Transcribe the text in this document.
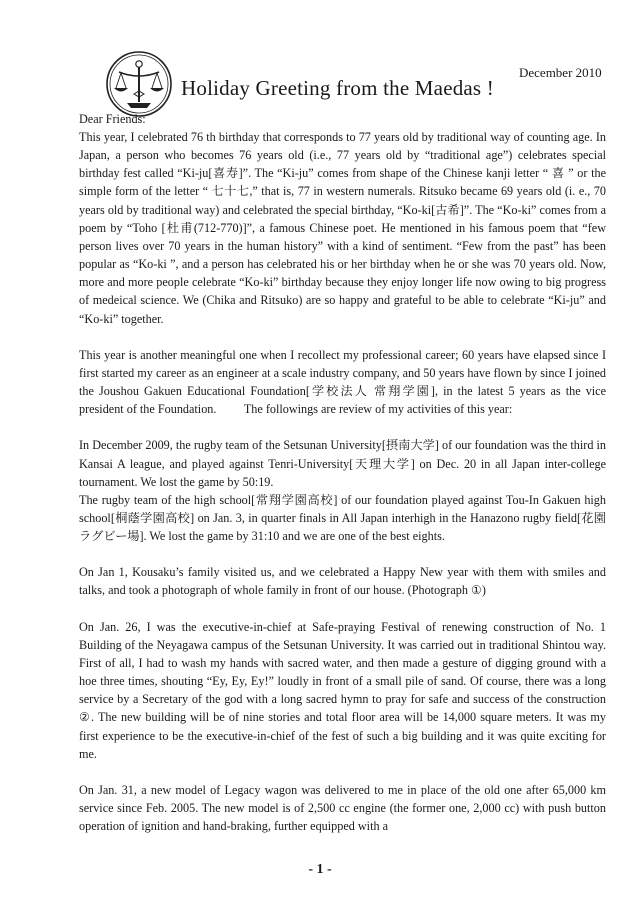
December 2010
Holiday Greeting from the Maedas !
Dear Friends:

This year, I celebrated 76 th birthday that corresponds to 77 years old by traditional way of counting age. In Japan, a person who becomes 76 years old (i.e., 77 years old by “traditional age”) celebrates special birthday fest called “Ki-ju[喜寿]”. The “Ki-ju” comes from shape of the Chinese kanji letter “ 喜 ” or the simple form of the letter “ 七十七,” that is, 77 in western numerals. Ritsuko became 69 years old (i. e., 70 years old by traditional way) and celebrated the special birthday, “Ko-ki[古希]”. The “Ko-ki” comes from a poem by “Toho [杜甫(712-770)]”, a famous Chinese poet. He mentioned in his famous poem that “few person lives over 70 years in the human history” with a kind of sentiment. “Few from the past” has been popular as “Ko-ki ”, and a person has celebrated his or her birthday when he or she was 70 years old. Now, more and more people celebrate “Ko-ki” birthday because they enjoy longer life now owing to big progress of medeical science. We (Chika and Ritsuko) are so happy and grateful to be able to celebrate “Ki-ju” and “Ko-ki” together.

This year is another meaningful one when I recollect my professional career; 60 years have elapsed since I first started my career as an engineer at a scale industry company, and 50 years have flown by since I joined the Joushou Gakuen Educational Foundation[学校法人 常翔学園], in the latest 5 years as the vice president of the Foundation.         The followings are review of my activities of this year:

In December 2009, the rugby team of the Setsunan University[摂南大学] of our foundation was the third in Kansai A league, and played against Tenri-University[天理大学] on Dec. 20 in all Japan inter-college tournament. We lost the game by 50:19.

The rugby team of the high school[常翔学園高校] of our foundation played against Tou-In Gakuen high school[桐蔭学園高校] on Jan. 3, in quarter finals in All Japan interhigh in the Hanazono rugby field[花園ラグビー場]. We lost the game by 31:10 and we are one of the best eights.

On Jan 1, Kousaku’s family visited us, and we celebrated a Happy New year with them with smiles and talks, and took a photograph of whole family in front of our house. (Photograph ①)

On Jan. 26, I was the executive-in-chief at Safe-praying Festival of renewing construction of No. 1 Building of the Neyagawa campus of the Setsunan University. It was carried out in traditional Shintou way. First of all, I had to wash my hands with sacred water, and then made a gesture of digging ground with a hoe three times, shouting “Ey, Ey, Ey!” loudly in front of a small pile of sand. Of course, there was a long service by a Secretary of the god with a long sacred hymn to pray for safe and success of the construction ②. The new building will be of nine stories and total floor area will be 14,000 square meters. It was my first experience to be the executive-in-chief of the fest of such a big building and it was quite exciting for me.

On Jan. 31, a new model of Legacy wagon was delivered to me in place of the old one after 65,000 km service since Feb. 2005. The new model is of 2,500 cc engine (the former one, 2,000 cc) with push button operation of ignition and hand-braking, further equipped with a

- 1 -
